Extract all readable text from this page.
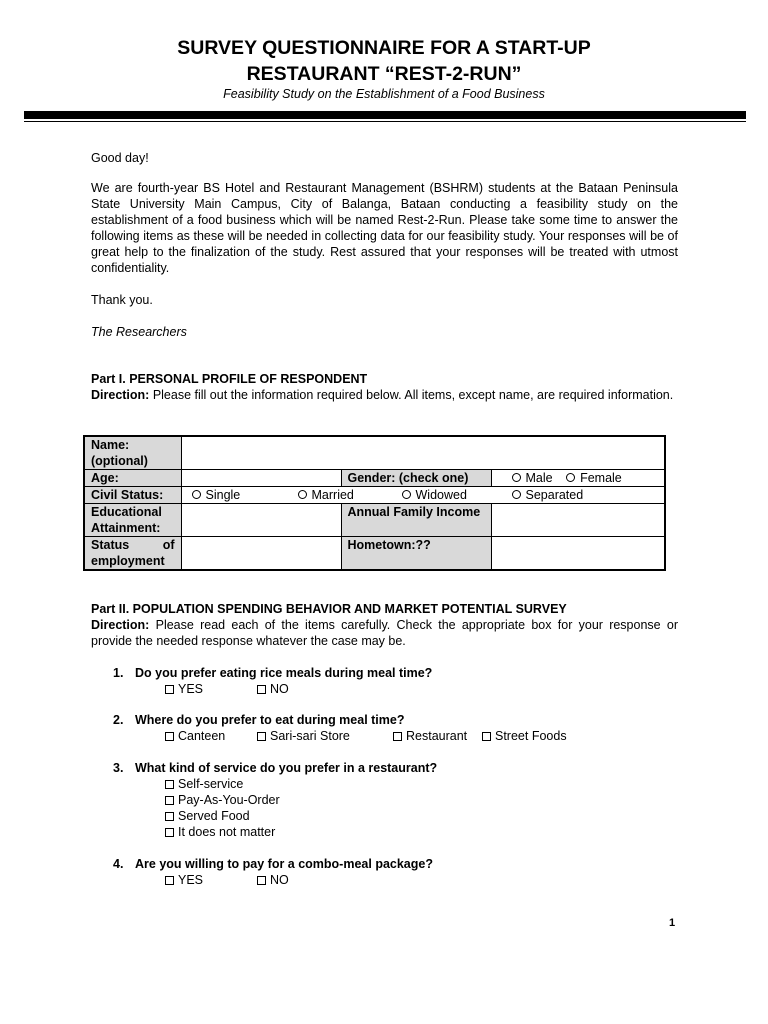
SURVEY QUESTIONNAIRE FOR A START-UP
RESTAURANT “REST-2-RUN”
Feasibility Study on the Establishment of a Food Business
Good day!
We are fourth-year BS Hotel and Restaurant Management (BSHRM) students at the Bataan Peninsula State University Main Campus, City of Balanga, Bataan conducting a feasibility study on the establishment of a food business which will be named Rest-2-Run. Please take some time to answer the following items as these will be needed in collecting data for our feasibility study. Your responses will be of great help to the finalization of the study. Rest assured that your responses will be treated with utmost confidentiality.
Thank you.
The Researchers
Part I. PERSONAL PROFILE OF RESPONDENT
Direction: Please fill out the information required below. All items, except name, are required information.
Name: (optional)			
Age:		Gender: (check one)	Male Female
Civil Status:	Single Married Widowed Separated		

Educational Attainment:		Annual Family Income	
Status of employment		Hometown:??	
Part II. POPULATION SPENDING BEHAVIOR AND MARKET POTENTIAL SURVEY
Direction: Please read each of the items carefully. Check the appropriate box for your response or provide the needed response whatever the case may be.
1. Do you prefer eating rice meals during meal time?
YES	NO
2. Where do you prefer to eat during meal time?
Canteen	Sari-sari Store	Restaurant	Street Foods
3. What kind of service do you prefer in a restaurant?
Self-service
Pay-As-You-Order
Served Food
It does not matter
4. Are you willing to pay for a combo-meal package?
YES	NO
1
